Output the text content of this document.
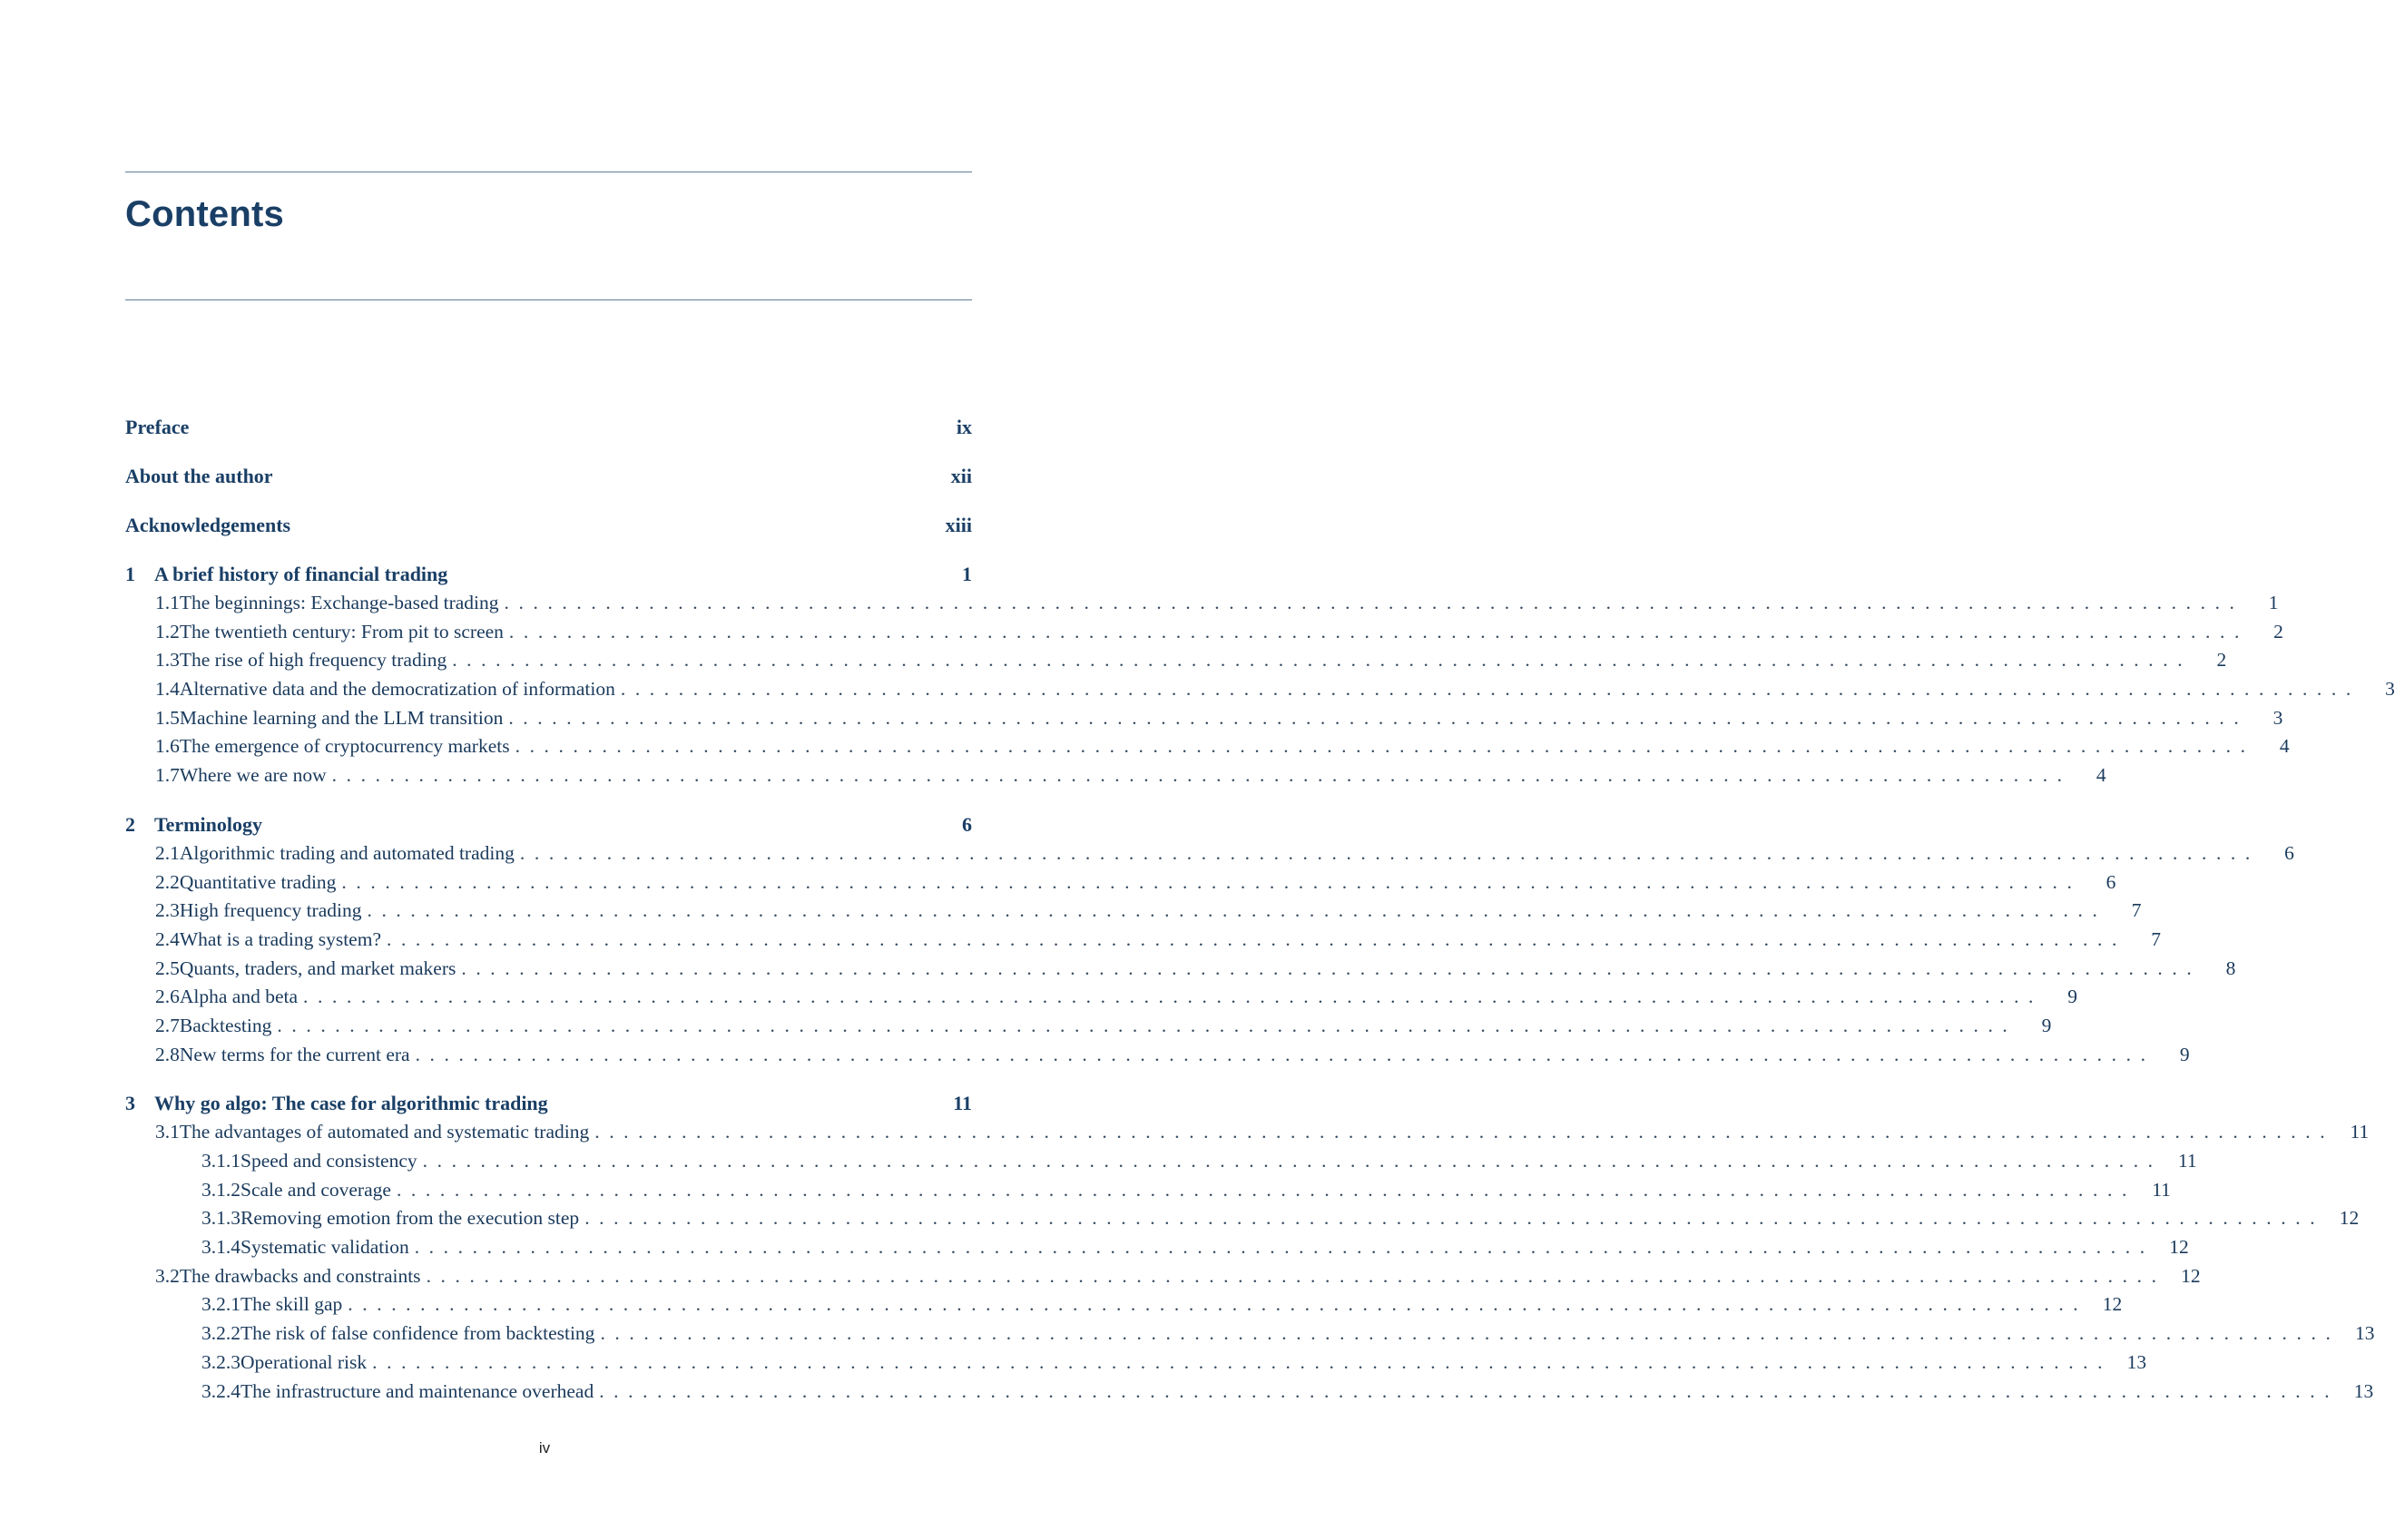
Contents
Preface	ix
About the author	xii
Acknowledgements	xiii
1 A brief history of financial trading	1
1.1 The beginnings: Exchange-based trading ........................................................................................................................	1
1.2 The twentieth century: From pit to screen ........................................................................................................................	2
1.3 The rise of high frequency trading ........................................................................................................................	2
1.4 Alternative data and the democratization of information ........................................................................................................................	3
1.5 Machine learning and the LLM transition ........................................................................................................................	3
1.6 The emergence of cryptocurrency markets ........................................................................................................................	4
1.7 Where we are now ........................................................................................................................	4
2 Terminology	6
2.1 Algorithmic trading and automated trading ........................................................................................................................	6
2.2 Quantitative trading ........................................................................................................................	6
2.3 High frequency trading ........................................................................................................................	7
2.4 What is a trading system? ........................................................................................................................	7
2.5 Quants, traders, and market makers ........................................................................................................................	8
2.6 Alpha and beta ........................................................................................................................	9
2.7 Backtesting ........................................................................................................................	9
2.8 New terms for the current era ........................................................................................................................	9
3 Why go algo: The case for algorithmic trading	11
3.1 The advantages of automated and systematic trading ........................................................................................................................ 11
3.1.1 Speed and consistency ........................................................................................................................ 11
3.1.2 Scale and coverage ........................................................................................................................ 11
3.1.3 Removing emotion from the execution step ........................................................................................................................ 12
3.1.4 Systematic validation ........................................................................................................................ 12
3.2 The drawbacks and constraints ........................................................................................................................ 12
3.2.1 The skill gap ........................................................................................................................ 12
3.2.2 The risk of false confidence from backtesting ........................................................................................................................ 13
3.2.3 Operational risk ........................................................................................................................ 13
3.2.4 The infrastructure and maintenance overhead ........................................................................................................................ 13
iv
